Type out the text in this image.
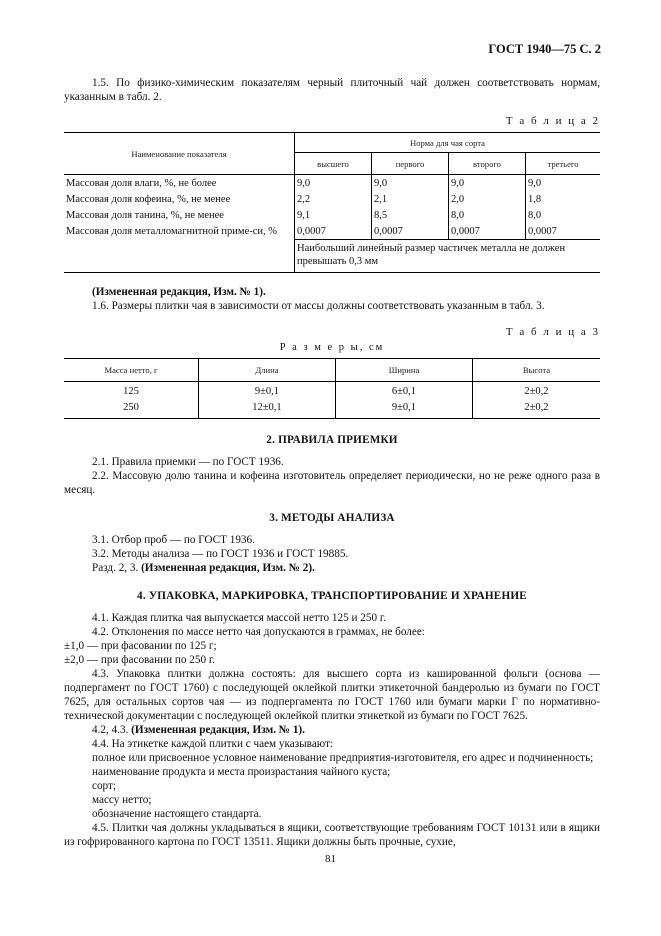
ГОСТ 1940—75 С. 2

1.5. По физико-химическим показателям черный плиточный чай должен соответствовать нормам, указанным в табл. 2.

Т а б л и ц а 2
Наименование показателя	Норма для чая сорта			
	высшего	первого	второго	третьего
Массовая доля влаги, %, не более	9,0	9,0	9,0	9,0
Массовая доля кофеина, %, не менее	2,2	2,1	2,0	1,8
Массовая доля танина, %, не менее	9,1	8,5	8,0	8,0
Массовая доля металломагнитной приме-си, %	0,0007	0,0007	0,0007	0,0007
	Наибольший линейный размер частичек металла не должен превышать 0,3 мм			

(Измененная редакция, Изм. № 1).

1.6. Размеры плитки чая в зависимости от массы должны соответствовать указанным в табл. 3.

Т а б л и ц а 3
Р а з м е р ы, см
Масса нетто, г	Длина	Ширина	Высота
125	9±0,1	6±0,1	2±0,2
250	12±0,1	9±0,1	2±0,2
2. ПРАВИЛА ПРИЕМКИ

2.1. Правила приемки — по ГОСТ 1936.

2.2. Массовую долю танина и кофеина изготовитель определяет периодически, но не реже одного раза в месяц.

3. МЕТОДЫ АНАЛИЗА

3.1. Отбор проб — по ГОСТ 1936.

3.2. Методы анализа — по ГОСТ 1936 и ГОСТ 19885.

Разд. 2, 3. (Измененная редакция, Изм. № 2).

4. УПАКОВКА, МАРКИРОВКА, ТРАНСПОРТИРОВАНИЕ И ХРАНЕНИЕ

4.1. Каждая плитка чая выпускается массой нетто 125 и 250 г.

4.2. Отклонения по массе нетто чая допускаются в граммах, не более:

±1,0 — при фасовании по 125 г;

±2,0 — при фасовании по 250 г.

4.3. Упаковка плитки должна состоять: для высшего сорта из кашированной фольги (основа — подпергамент по ГОСТ 1760) с последующей оклейкой плитки этикеточной бандеролью из бумаги по ГОСТ 7625, для остальных сортов чая — из подпергамента по ГОСТ 1760 или бумаги марки Г по нормативно-технической документации с последующей оклейкой плитки этикеткой из бумаги по ГОСТ 7625.

4.2, 4.3. (Измененная редакция, Изм. № 1).

4.4. На этикетке каждой плитки с чаем указывают:

полное или присвоенное условное наименование предприятия-изготовителя, его адрес и подчиненность;

наименование продукта и места произрастания чайного куста;

сорт;

массу нетто;

обозначение настоящего стандарта.

4.5. Плитки чая должны укладываться в ящики, соответствующие требованиям ГОСТ 10131 или в ящики из гофрированного картона по ГОСТ 13511. Ящики должны быть прочные, сухие,

81
